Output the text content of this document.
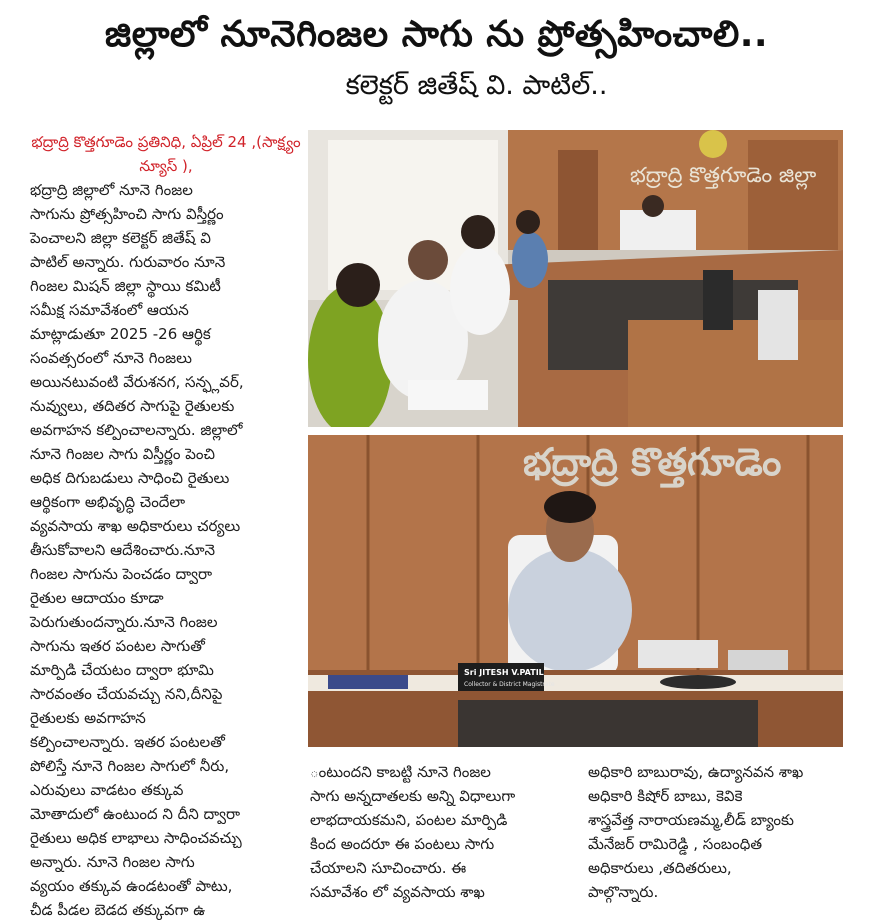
జిల్లాలో నూనెగింజల సాగు ను ప్రోత్సహించాలి..
కలెక్టర్ జితేష్ వి. పాటిల్..

భద్రాద్రి కొత్తగూడెం ప్రతినిధి, ఏప్రిల్ 24 ,(సాక్ష్యం న్యూస్ ),

భద్రాద్రి జిల్లాలో నూనె గింజల

సాగును ప్రోత్సహించి సాగు విస్తీర్ణం

పెంచాలని జిల్లా కలెక్టర్ జితేష్ వి

పాటిల్ అన్నారు. గురువారం నూనె

గింజల మిషన్ జిల్లా స్థాయి కమిటీ

సమీక్ష సమావేశంలో ఆయన

మాట్లాడుతూ 2025 -26 ఆర్థిక

సంవత్సరంలో నూనె గింజలు

అయినటువంటి వేరుశనగ, సన్ఫ్లవర్,

నువ్వులు, తదితర సాగుపై రైతులకు

అవగాహన కల్పించాలన్నారు. జిల్లాలో

నూనె గింజల సాగు విస్తీర్ణం పెంచి

అధిక దిగుబడులు సాధించి రైతులు

ఆర్థికంగా అభివృద్ధి చెందేలా

వ్యవసాయ శాఖ అధికారులు చర్యలు

తీసుకోవాలని ఆదేశించారు.నూనె

గింజల సాగును పెంచడం ద్వారా

రైతుల ఆదాయం కూడా

పెరుగుతుందన్నారు.నూనె గింజల

సాగును ఇతర పంటల సాగుతో

మార్పిడి చేయటం ద్వారా భూమి

సారవంతం చేయవచ్చు నని,దీనిపై

రైతులకు అవగాహన

కల్పించాలన్నారు. ఇతర పంటలతో

పోలిస్తే నూనె గింజల సాగులో నీరు,

ఎరువులు వాడటం తక్కువ

మోతాదులో ఉంటుంద ని దీని ద్వారా

రైతులు అధిక లాభాలు సాధించవచ్చు

అన్నారు. నూనె గింజల సాగు

వ్యయం తక్కువ ఉండటంతో పాటు,

చీడ పీడల బెడద తక్కువగా ఉ

భద్రాద్రి కొత్తగూడెం జిల్లా
భద్రాద్రి కొత్తగూడెం
Sri JITESH V.PATIL
Collector & District Magistrate

ంటుందని కాబట్టి నూనె గింజల

సాగు అన్నదాతలకు అన్ని విధాలుగా

లాభదాయకమని, పంటల మార్పిడి

కింద అందరూ ఈ పంటలు సాగు

చేయాలని సూచించారు. ఈ

సమావేశం లో వ్యవసాయ శాఖ

అధికారి బాబురావు, ఉద్యానవన శాఖ

అధికారి కిషోర్ బాబు, కెవికె

శాస్త్రవేత్త నారాయణమ్మ,లీడ్ బ్యాంకు

మేనేజర్ రామిరెడ్డి , సంబంధిత

అధికారులు ,తదితరులు,

పాల్గొన్నారు.
